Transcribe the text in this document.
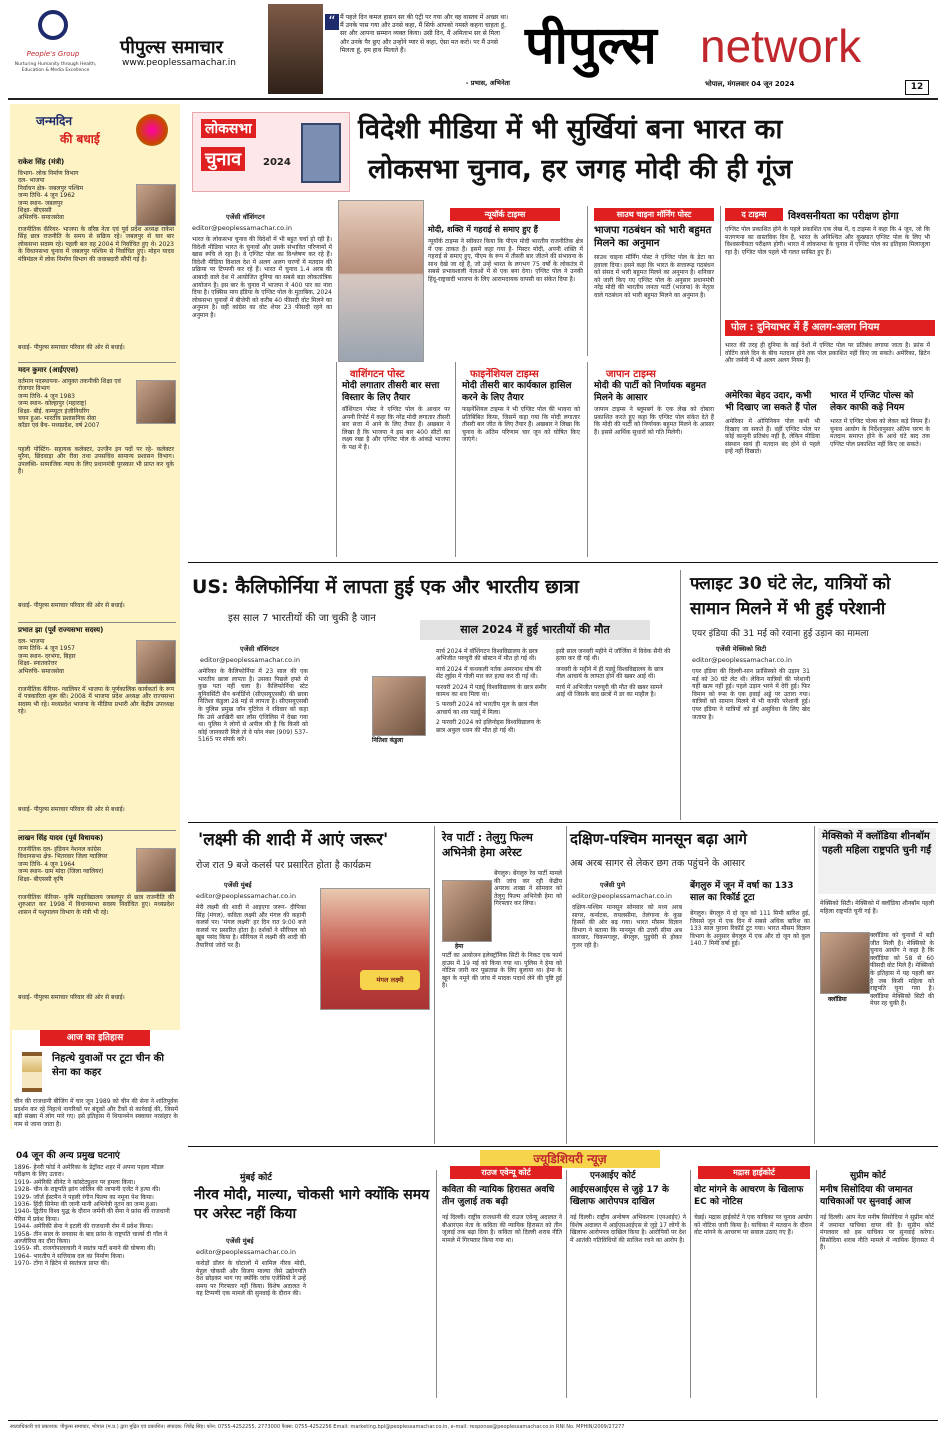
People's Group
Nurturing Humanity through Health, Education & Media Excellence
पीपुल्स समाचार
www.peoplessamachar.in
“ मैं पहले दिन कमल हासन सर की एंट्री पर गया और वह वास्तव में अच्छा था। मैं उनके पास गया और उनसे कहा, मैं सिर्फ आपको नमस्ते कहना चाहता हूं, सर और आपना सम्मान व्यक्त किया। उसी दिन, मैं अमिताभ सर से मिला और उनके पैर छुए और उन्होंने प्यार से कहा, ऐसा मत करो। पर मैं उनसे मिलता हूं, हम हाथ मिलाते हैं।
- प्रभास, अभिनेता
पीपुल्स network
भोपाल, मंगलवार 04 जून 2024	12
जन्मदिन
की बधाई
राकेश सिंह (मंत्री)
विभाग- लोक निर्माण विभाग
दल- भाजपा
निर्वाचन क्षेत्र- जबलपुर पश्चिम
जन्म तिथि- 4 जून 1962
जन्म स्थान- जबलपुर
शिक्षा- बीएससी
अभिरुचि- समाजसेवा
राजनीतिक कॅरियर- भाजपा के वरिष्ठ नेता एवं पूर्व प्रदेश अध्यक्ष राकेश सिंह छात्र राजनीति के समय से सक्रिय रहे। जबलपुर से चार बार लोकसभा सदस्य रहे। पहली बार वह 2004 में निर्वाचित हुए थे। 2023 के विधानसभा चुनाव में जबलपुर पश्चिम से निर्वाचित हुए। मोहन यादव मंत्रिमंडल में लोक निर्माण विभाग की जवाबदारी सौंपी गई है।
बधाई- पीपुल्स समाचार परिवार की ओर से बधाई।
मदन कुमार (आईएएस)
वर्तमान पदस्थापना- आयुक्त तकनीकी शिक्षा एवं रोजगार विभाग
जन्म तिथि- 4 जून 1983
जन्म स्थान- कोल्हापुर (महाराष्ट्र)
शिक्षा- बीई. कम्प्यूटर इंजीनियरिंग
चयन हुआ- भारतीय प्रशासनिक सेवा
कॉडर एवं बैच- मध्यप्रदेश, वर्ष 2007
पहली पोस्टिंग- सहायक कलेक्टर, उज्जैन इन पदों पर रहे- कलेक्टर मुरैना, छिंदवाड़ा और रीवा तथा उपसचिव सामान्य प्रशासन विभाग। उपलब्धि- सामाजिक न्याय के लिए प्रधानमंत्री पुरस्कार भी प्राप्त कर चुके हैं।
बधाई- पीपुल्स समाचार परिवार की ओर से बधाई।
प्रभात झा (पूर्व राज्यसभा सदस्य)
दल- भाजपा
जन्म तिथि- 4 जून 1957
जन्म स्थान- दरभंगा, बिहार
शिक्षा- स्नातकोत्तर
अभिरुचि- समाजसेवा
राजनीतिक कॅरियर- ग्वालियर में भाजपा के पूर्णकालिक कार्यकर्ता के रूप में पत्रकारिता शुरू की। 2008 में भाजपा प्रदेश अध्यक्ष और राज्यसभा सदस्य भी रहे। मध्यप्रदेश भाजपा के मीडिया प्रभारी और केंद्रीय उपाध्यक्ष रहे।
बधाई- पीपुल्स समाचार परिवार की ओर से बधाई।
लाखन सिंह यादव (पूर्व विधायक)
राजनीतिक दल- इंडियन नेशनल कांग्रेस
विधानसभा क्षेत्र- भितरवार जिला ग्वालियर
जन्म तिथि- 4 जून 1964
जन्म स्थान- ग्राम मांदा (जिला ग्वालियर)
शिक्षा- बीएससी कृषि
राजनीतिक कॅरियर- कृषि महाविद्यालय जबलपुर से छात्र राजनीति की शुरुआत कर 1998 में विधानसभा सदस्य निर्वाचित हुए। मध्यप्रदेश शासन में पशुपालन विभाग के मंत्री भी रहे।
बधाई- पीपुल्स समाचार परिवार की ओर से बधाई।
आज का इतिहास
निहत्थे युवाओं पर टूटा चीन की सेना का कहर
चीन की राजधानी बीजिंग में चार जून 1989 को चीन की सेना ने शांतिपूर्वक प्रदर्शन कर रहे निहत्थे नागरिकों पर बंदूकों और टैंकों से कार्रवाई की, जिसमें बड़ी संख्या में लोग मारे गए। इसे इतिहास में थियानमेन स्क्वायर नरसंहार के नाम से जाना जाता है।
04 जून की अन्य प्रमुख घटनाएं
1896- हेनरी फोर्ड ने अमेरिका के डेट्रॉयट शहर में अपना पहला मॉडल परीक्षण के लिए उतारा।
1919- अमेरिकी सीनेट ने कांस्टेट्यूशन पर हमला किया।
1928- चीन के राष्ट्रपति झांग जोलिन की जापानी एजेंट ने हत्या की।
1929- जॉर्ज ईस्टमैन ने पहली रंगीन फिल्म का नमूना पेश किया।
1936- हिंदी सिनेमा की जानी मानी अभिनेत्री नूतन का जन्म हुआ।
1940- द्वितीय विश्व युद्ध के दौरान जर्मनी की सेना ने फ्रांस की राजधानी पेरिस में प्रवेश किया।
1944- अमेरिकी सेना ने इटली की राजधानी रोम में प्रवेश किया।
1958- तीन साल के वनवास के बाद फ्रांस के राष्ट्रपति चार्ल्स दी गॉल ने अल्जीरिया का दौरा किया।
1959- सी. राजगोपालाचारी ने स्वतंत्र पार्टी बनाने की घोषणा की।
1964- भारतीय ने सत्तियाब दल का निर्माण किया।
1970- टोंगा ने ब्रिटेन से स्वतंत्रता प्राप्त की।
लोकसभा
चुनाव	2024
विदेशी मीडिया में भी सुर्खियां बना भारत का
लोकसभा चुनाव, हर जगह मोदी की ही गूंज
एजेंसी वॉशिंगटन
editor@peoplessamachar.co.in
भारत के लोकसभा चुनाव की विदेशों में भी बहुत चर्चा हो रही है। विदेशी मीडिया भारत के चुनावों और उसके संभावित परिणामों में खास रूचि ले रहा है। वे एग्जिट पोल का विश्लेषण कर रहे हैं। विदेशी मीडिया विशाल देश में अलग अलग चरणों में मतदान की प्रक्रिया पर टिप्पणी कर रहे हैं। भारत में चुनाव 1.4 अरब की आबादी वाले देश में आयोजित दुनिया का सबसे बड़ा लोकतांत्रिक आयोजन है। इस बार के चुनाव में भाजपा ने 400 पार का नारा दिया है। एक्सिस माय इंडिया के एग्जिट पोल के मुताबिक, 2024 लोकसभा चुनावों में बीजेपी को करीब 40 फीसदी वोट मिलने का अनुमान है। वहीं कांग्रेस का वोट शेयर 23 फीसदी रहने का अनुमान है।
न्यूयॉर्क टाइम्स
मोदी, शक्ति में गहराई से समाए हुए हैं
न्यूयॉर्क टाइम्स ने स्वीकार किया कि पीएम मोदी भारतीय राजनीतिक क्षेत्र में एक ताकत हैं। इसमें कहा गया है- मिस्टर मोदी, अपनी शक्ति में गहराई से समाए हुए, पीएम के रूप में तीसरी बार जीतने की संभावना के साथ देखे जा रहे हैं, जो उन्हें भारत के लगभग 75 वर्षों के लोकतंत्र में सबसे प्रभावशाली नेताओं में से एक बना देगा। एग्जिट पोल ने उनकी हिंदू-राष्ट्रवादी भाजपा के लिए आरामदायक वापसी का संकेत दिया है।
साउथ चाइना मॉर्निंग पोस्ट
भाजपा गठबंधन को भारी बहुमत मिलने का अनुमान
साउथ चाइना मॉर्निंग पोस्ट ने एग्जिट पोल के डेटा का हवाला दिया। इसने कहा कि भारत के सत्तारूढ़ गठबंधन को संसद में भारी बहुमत मिलने का अनुमान है। शनिवार को जारी किए गए एग्जिट पोल के अनुसार प्रधानमंत्री नरेंद्र मोदी की भारतीय जनता पार्टी (भाजपा) के नेतृत्व वाले गठबंधन को भारी बहुमत मिलने का अनुमान है।
द टाइम्स	विश्वसनीयता का परीक्षण होगा
एग्जिट पोल प्रकाशित होने के पहले प्रकाशित एक लेख में, द टाइम्स ने कहा कि 4 जून, जो कि मतगणना का वास्तविक दिन है, भारत के अनिश्चित और कुख्यात एग्जिट पोल के लिए भी विश्वसनीयता परीक्षण होगी। भारत में लोकसभा के चुनाव में एग्जिट पोल का इतिहास मिलाजुला रहा है। एग्जिट पोल पहले भी गलत साबित हुए हैं।
पोल : दुनियाभर में हैं अलग-अलग नियम
भारत की तरह ही दुनिया के कई देशों में एग्जिट पोल पर प्रतिबंध लगाया जाता है। फ्रांस में वोटिंग वाले दिन के बीच मतदान होने तक पोल प्रकाशित नहीं किए जा सकते। अमेरिका, ब्रिटेन और जर्मनी में भी अलग अलग नियम हैं।
अमेरिका बेहद उदार, कभी भी दिखाए जा सकते हैं पोल
अमेरिका में ओपिनियन पोल कभी भी दिखाए जा सकते हैं। वहीं एग्जिट पोल पर कोई कानूनी प्रतिबंध नहीं है, लेकिन मीडिया संस्थान स्वयं ही मतदान बंद होने से पहले इन्हें नहीं दिखाते।
भारत में एग्जिट पोल्स को लेकर काफी कड़े नियम
भारत में एग्जिट पोल्स को लेकर कड़े नियम हैं। चुनाव आयोग के निर्देशानुसार अंतिम चरण के मतदान समाप्त होने के आधे घंटे बाद तक एग्जिट पोल प्रकाशित नहीं किए जा सकते।
वाशिंगटन पोस्ट
मोदी लगातार तीसरी बार सत्ता विस्तार के लिए तैयार
वॉशिंगटन पोस्ट ने एग्जिट पोल के आधार पर अपनी रिपोर्ट में कहा कि नरेंद्र मोदी लगातार तीसरी बार सत्ता में आने के लिए तैयार हैं। अखबार ने लिखा है कि भाजपा ने इस बार 400 सीटों का लक्ष्य रखा है और एग्जिट पोल के आंकड़े भाजपा के पक्ष में हैं।
फाइनेंशियल टाइम्स
मोदी तीसरी बार कार्यकाल हासिल करने के लिए तैयार
फाइनेंशियल टाइम्स ने भी एग्जिट पोल की भावना को प्रतिबिंबित किया, जिसमें कहा गया कि मोदी लगातार तीसरी बार जीत के लिए तैयार हैं। अखबार ने लिखा कि चुनाव के अंतिम परिणाम चार जून को घोषित किए जाएंगे।
जापान टाइम्स
मोदी की पार्टी को निर्णायक बहुमत मिलने के आसार
जापान टाइम्स ने ब्लूमबर्ग के एक लेख को दोबारा प्रकाशित करते हुए कहा कि एग्जिट पोल संकेत देते हैं कि मोदी की पार्टी को निर्णायक बहुमत मिलने के आसार हैं। इससे आर्थिक सुधारों को गति मिलेगी।
US: कैलिफोर्निया में लापता हुई एक और भारतीय छात्रा
इस साल 7 भारतीयों की जा चुकी है जान
साल 2024 में हुई भारतीयों की मौत
एजेंसी वॉशिंगटन
editor@peoplessamachar.co.in
अमेरिका के कैलिफोर्निया में 23 साल की एक भारतीय छात्रा लापता है। उसका पिछले हफ्ते से कुछ पता नहीं चला है। कैलिफोर्निया स्टेट यूनिवर्सिटी सैन बर्नार्डिनो (सीएसयूएसबी) की छात्रा नितिशा कंडुला 28 मई से लापता है। सीएसयूएसबी के पुलिस प्रमुख जॉन गुटिरेज ने रविवार को कहा कि उसे आखिरी बार लॉस एंजिलिस में देखा गया था। पुलिस ने लोगों से अपील की है कि किसी को कोई जानकारी मिले तो वे फोन नंबर (909) 537-5165 पर संपर्क करें।	नितिशा कंडुला
मार्च 2024 में वॉशिंगटन विश्वविद्यालय के छात्र अभिजीत परुचुरी की बोस्टन में मौत हो गई थी।
मार्च 2024 में कथकली नर्तक अमरनाथ घोष की सेंट लुईस में गोली मार कर हत्या कर दी गई थी।
फरवरी 2024 में पर्ड्यू विश्वविद्यालय के छात्र समीर कामथ का शव मिला था।
5 फरवरी 2024 को भारतीय मूल के छात्र नील आचार्य का शव पर्ड्यू में मिला।
2 फरवरी 2024 को इलिनोइस विश्वविद्यालय के छात्र अकुल धवन की मौत हो गई थी।
इसी साल जनवरी महीने में जॉर्जिया में विवेक सैनी की हत्या कर दी गई थी।
जनवरी के महीने में ही पर्ड्यू विश्वविद्यालय के छात्र नील आचार्य के लापता होने की खबर आई थी।
मार्च में अभिजीत परुचुरी की मौत की खबर सामने आई थी जिसके बाद छात्रों में डर का माहौल है।
फ्लाइट 30 घंटे लेट, यात्रियों को सामान मिलने में भी हुई परेशानी
एयर इंडिया की 31 मई को रवाना हुई उड़ान का मामला
एजेंसी मेक्सिको सिटी
editor@peoplessamachar.co.in
एयर इंडिया की दिल्ली-सान फ्रांसिस्को की उड़ान 31 मई को 30 घंटे लेट थी। लेकिन यात्रियों की परेशानी यहीं खत्म नहीं हुई। पहले उड़ान भरने में देरी हुई। फिर विमान को रूस के एक हवाई अड्डे पर उतारा गया। यात्रियों को सामान मिलने में भी काफी परेशानी हुई। एयर इंडिया ने यात्रियों को हुई असुविधा के लिए खेद जताया है।
'लक्ष्मी की शादी में आएं जरूर'
रोज रात 9 बजे कलर्स पर प्रसारित होता है कार्यक्रम
एजेंसी मुंबई
editor@peoplessamachar.co.in
मेरी लक्ष्मी की शादी में आइएगा जरूर- दीपिका सिंह (मंगल), कविता लक्ष्मी और मंगल की कहानी कलर्स पर। 'मंगल लक्ष्मी' हर दिन रात 9:00 बजे कलर्स पर प्रसारित होता है। दर्शकों ने सीरियल को खूब पसंद किया है। सीरियल में लक्ष्मी की शादी की तैयारियां जोरों पर हैं।
मंगल लक्ष्मी
रेव पार्टी : तेलुगु फिल्म अभिनेत्री हेमा अरेस्ट
हेमा
बेंगलुरु। बेंगलुरु रेव पार्टी मामले की जांच कर रही केंद्रीय अपराध शाखा ने सोमवार को तेलुगु फिल्म अभिनेत्री हेमा को गिरफ्तार कर लिया।
पार्टी का आयोजन इलेक्ट्रॉनिक सिटी के निकट एक फार्म हाउस में 19 मई को किया गया था। पुलिस ने हेमा को नोटिस जारी कर पूछताछ के लिए बुलाया था। हेमा के खून के नमूने की जांच में मादक पदार्थ लेने की पुष्टि हुई है।
दक्षिण-पश्चिम मानसून बढ़ा आगे
अब अरब सागर से लेकर छग तक पहुंचने के आसार
एजेंसी पुणे
editor@peoplessamachar.co.in
दक्षिण-पश्चिम मानसून सोमवार को मध्य अरब सागर, कर्नाटक, रायलसीमा, तेलंगाना के कुछ हिस्सों की ओर बढ़ गया। भारत मौसम विज्ञान विभाग ने बताया कि मानसून की उत्तरी सीमा अब कारवार, चिकमगलूर, बेंगलुरु, पुडुचेरी से होकर गुजर रही है।
बेंगलुरु में जून में वर्षा का 133 साल का रिकॉर्ड टूटा
बेंगलुरु। बेंगलुरु में दो जून को 111 मिमी बारिश हुई, जिससे जून में एक दिन में सबसे अधिक बारिश का 133 साल पुराना रिकॉर्ड टूट गया। भारत मौसम विज्ञान विभाग के अनुसार बेंगलुरु में एक और दो जून को कुल 140.7 मिमी वर्षा हुई।
मेक्सिको में क्लॉडिया शीनबॉम पहली महिला राष्ट्रपति चुनी गईं
मेक्सिको सिटी। मेक्सिको में क्लॉडिया शीनबॉम पहली महिला राष्ट्रपति चुनी गई हैं।
क्लॉडिया
क्लॉडिया को चुनावों में बड़ी जीत मिली है। मेक्सिको के चुनाव आयोग ने कहा है कि क्लॉडिया को 58 से 60 फीसदी वोट मिले हैं। मेक्सिको के इतिहास में यह पहली बार है जब किसी महिला को राष्ट्रपति चुना गया है। क्लॉडिया मेक्सिको सिटी की मेयर रह चुकी हैं।
ज्यूडिशियरी न्यूज़
मुंबई कोर्ट
नीरव मोदी, माल्या, चोकसी भागे क्योंकि समय पर अरेस्ट नहीं किया
एजेंसी मुंबई
editor@peoplessamachar.co.in
करोड़ों डॉलर के घोटालों में शामिल नीरव मोदी, मेहुल चोकसी और विजय माल्या जैसे उद्योगपति देश छोड़कर भाग गए क्योंकि जांच एजेंसियों ने उन्हें समय पर गिरफ्तार नहीं किया। विशेष अदालत ने यह टिप्पणी एक मामले की सुनवाई के दौरान की।
राउज एवेन्यू कोर्ट
कविता की न्यायिक हिरासत अवधि तीन जुलाई तक बढ़ी
नई दिल्ली। राष्ट्रीय राजधानी की राउज एवेन्यू अदालत ने बीआरएस नेता के कविता की न्यायिक हिरासत को तीन जुलाई तक बढ़ा दिया है। कविता को दिल्ली शराब नीति मामले में गिरफ्तार किया गया था।
एनआईए कोर्ट
आईएसआईएस से जुड़े 17 के खिलाफ आरोपपत्र दाखिल
नई दिल्ली। राष्ट्रीय अन्वेषण अभिकरण (एनआईए) ने विशेष अदालत में आईएसआईएस से जुड़े 17 लोगों के खिलाफ आरोपपत्र दाखिल किया है। आरोपियों पर देश में आतंकी गतिविधियों की साजिश रचने का आरोप है।
मद्रास हाईकोर्ट
वोट मांगने के आचरण के खिलाफ EC को नोटिस
चेन्नई। मद्रास हाईकोर्ट ने एक याचिका पर चुनाव आयोग को नोटिस जारी किया है। याचिका में मतदान के दौरान वोट मांगने के आचरण पर सवाल उठाए गए हैं।
सुप्रीम कोर्ट
मनीष सिसोदिया की जमानत याचिकाओं पर सुनवाई आज
नई दिल्ली। आप नेता मनीष सिसोदिया ने सुप्रीम कोर्ट में जमानत याचिका दायर की है। सुप्रीम कोर्ट मंगलवार को इस याचिका पर सुनवाई करेगा। सिसोदिया शराब नीति मामले में न्यायिक हिरासत में हैं।
स्वत्वाधिकारी एवं प्रकाशक: पीपुल्स समाचार, भोपाल (म.प्र.) द्वारा मुद्रित एवं प्रकाशित। संपादक: शिवेंद्र सिंह। फोन: 0755-4252255, 2773000 फैक्स: 0755-4252256 Email: marketing.bpl@peoplessamachar.co.in, e-mail: response@peoplessamachar.co.in RNI No. MPHIN/2009/27277
